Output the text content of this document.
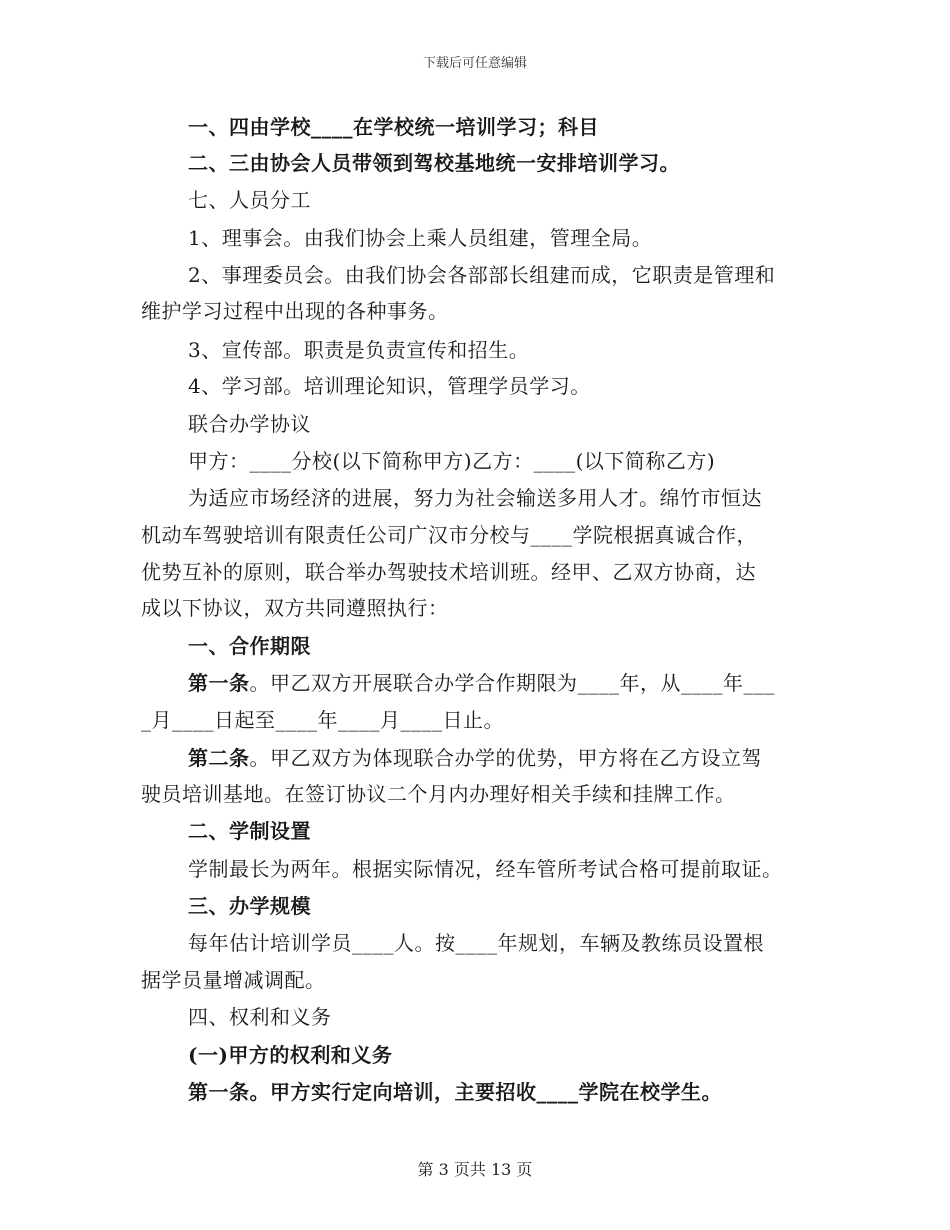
下载后可任意编辑
一、四由学校____在学校统一培训学习；科目
二、三由协会人员带领到驾校基地统一安排培训学习。
七、人员分工
1、理事会。由我们协会上乘人员组建，管理全局。
2、事理委员会。由我们协会各部部长组建而成，它职责是管理和
维护学习过程中出现的各种事务。
3、宣传部。职责是负责宣传和招生。
4、学习部。培训理论知识，管理学员学习。
联合办学协议
甲方：____分校(以下简称甲方)乙方：____(以下简称乙方)
为适应市场经济的进展，努力为社会输送多用人才。绵竹市恒达
机动车驾驶培训有限责任公司广汉市分校与____学院根据真诚合作，
优势互补的原则，联合举办驾驶技术培训班。经甲、乙双方协商，达
成以下协议，双方共同遵照执行：
一、合作期限
第一条。甲乙双方开展联合办学合作期限为____年，从____年___
_月____日起至____年____月____日止。
第二条。甲乙双方为体现联合办学的优势，甲方将在乙方设立驾
驶员培训基地。在签订协议二个月内办理好相关手续和挂牌工作。
二、学制设置
学制最长为两年。根据实际情况，经车管所考试合格可提前取证。
三、办学规模
每年估计培训学员____人。按____年规划，车辆及教练员设置根
据学员量增减调配。
四、权利和义务
(一)甲方的权利和义务
第一条。甲方实行定向培训，主要招收____学院在校学生。
第 3 页共 13 页
